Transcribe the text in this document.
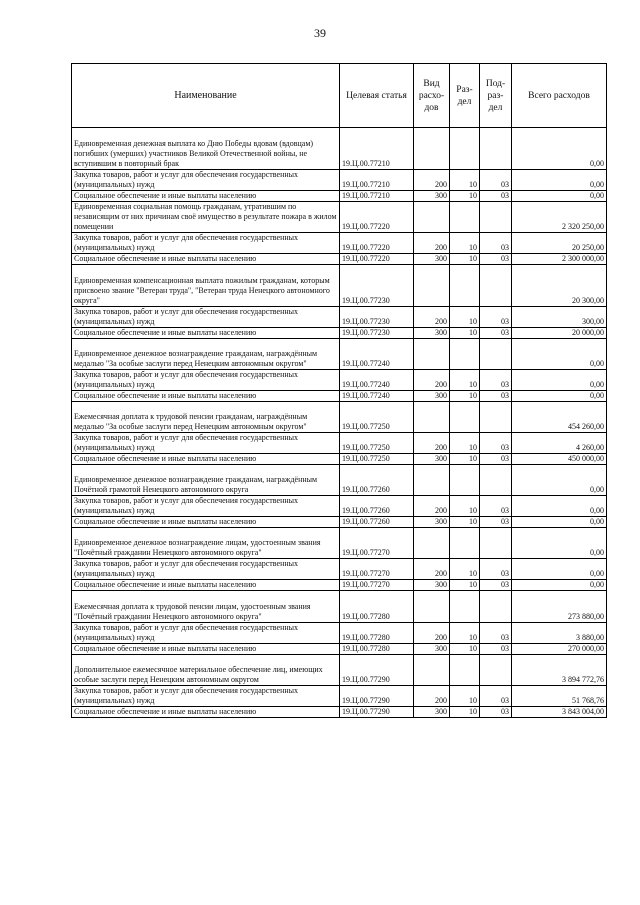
39
Наименование	Целевая статья	Вид расхо-дов	Раз-дел	Под-раз-дел	Всего расходов
Единовременная денежная выплата ко Дню Победы вдовам (вдовцам) погибших (умерших) участников Великой Отечественной войны, не вступившим в повторный брак	19.Ц.00.77210				0,00
Закупка товаров, работ и услуг для обеспечения государственных (муниципальных) нужд	19.Ц.00.77210	200	10	03	0,00
Социальное обеспечение и иные выплаты населению	19.Ц.00.77210	300	10	03	0,00
Единовременная социальная помощь гражданам, утратившим по независящим от них причинам своё имущество в результате пожара в жилом помещении	19.Ц.00.77220				2 320 250,00
Закупка товаров, работ и услуг для обеспечения государственных (муниципальных) нужд	19.Ц.00.77220	200	10	03	20 250,00
Социальное обеспечение и иные выплаты населению	19.Ц.00.77220	300	10	03	2 300 000,00
Единовременная компенсационная выплата пожилым гражданам, которым присвоено звание "Ветеран труда", "Ветеран труда Ненецкого автономного округа"	19.Ц.00.77230				20 300,00
Закупка товаров, работ и услуг для обеспечения государственных (муниципальных) нужд	19.Ц.00.77230	200	10	03	300,00
Социальное обеспечение и иные выплаты населению	19.Ц.00.77230	300	10	03	20 000,00
Единовременное денежное вознаграждение гражданам, награждённым медалью "За особые заслуги перед Ненецким автономным округом"	19.Ц.00.77240				0,00
Закупка товаров, работ и услуг для обеспечения государственных (муниципальных) нужд	19.Ц.00.77240	200	10	03	0,00
Социальное обеспечение и иные выплаты населению	19.Ц.00.77240	300	10	03	0,00
Ежемесячная доплата к трудовой пенсии гражданам, награждённым медалью "За особые заслуги перед Ненецким автономным округом"	19.Ц.00.77250				454 260,00
Закупка товаров, работ и услуг для обеспечения государственных (муниципальных) нужд	19.Ц.00.77250	200	10	03	4 260,00
Социальное обеспечение и иные выплаты населению	19.Ц.00.77250	300	10	03	450 000,00
Единовременное денежное вознаграждение гражданам, награждённым Почётной грамотой Ненецкого автономного округа	19.Ц.00.77260				0,00
Закупка товаров, работ и услуг для обеспечения государственных (муниципальных) нужд	19.Ц.00.77260	200	10	03	0,00
Социальное обеспечение и иные выплаты населению	19.Ц.00.77260	300	10	03	0,00
Единовременное денежное вознаграждение лицам, удостоенным звания "Почётный гражданин Ненецкого автономного округа"	19.Ц.00.77270				0,00
Закупка товаров, работ и услуг для обеспечения государственных (муниципальных) нужд	19.Ц.00.77270	200	10	03	0,00
Социальное обеспечение и иные выплаты населению	19.Ц.00.77270	300	10	03	0,00
Ежемесячная доплата к трудовой пенсии лицам, удостоенным звания "Почётный гражданин Ненецкого автономного округа"	19.Ц.00.77280				273 880,00
Закупка товаров, работ и услуг для обеспечения государственных (муниципальных) нужд	19.Ц.00.77280	200	10	03	3 880,00
Социальное обеспечение и иные выплаты населению	19.Ц.00.77280	300	10	03	270 000,00
Дополнительное ежемесячное материальное обеспечение лиц, имеющих особые заслуги перед Ненецким автономным округом	19.Ц.00.77290				3 894 772,76
Закупка товаров, работ и услуг для обеспечения государственных (муниципальных) нужд	19.Ц.00.77290	200	10	03	51 768,76
Социальное обеспечение и иные выплаты населению	19.Ц.00.77290	300	10	03	3 843 004,00
